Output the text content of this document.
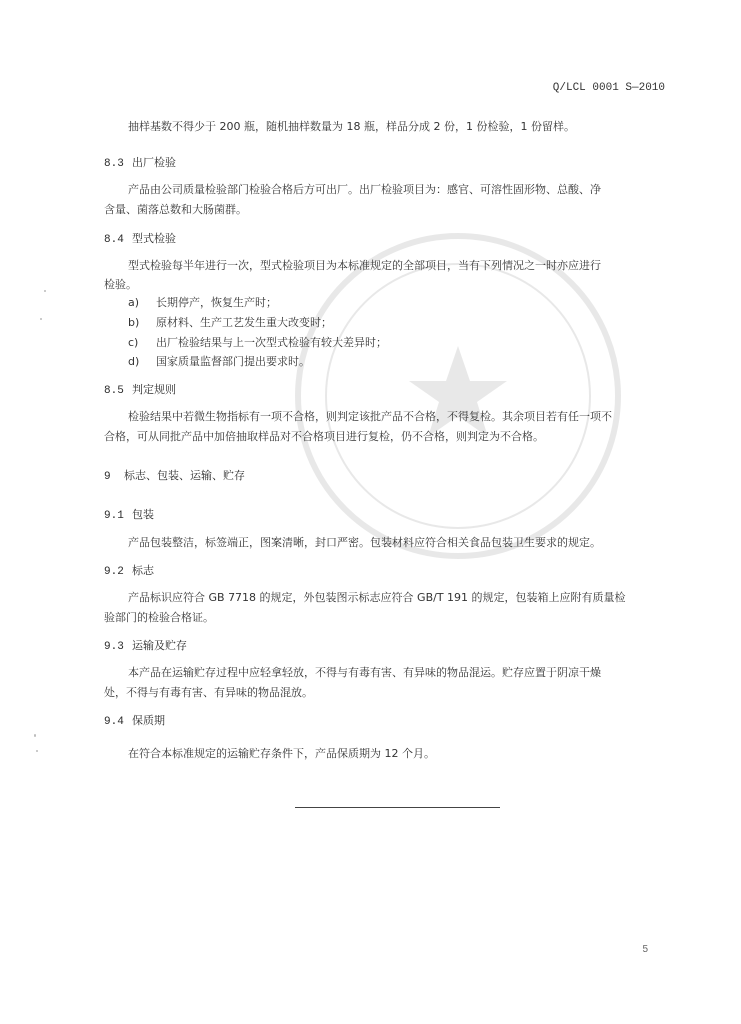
Q/LCL 0001 S—2010
抽样基数不得少于 200 瓶，随机抽样数量为 18 瓶，样品分成 2 份，1 份检验，1 份留样。
8.3 出厂检验
产品由公司质量检验部门检验合格后方可出厂。出厂检验项目为：感官、可溶性固形物、总酸、净
含量、菌落总数和大肠菌群。
8.4 型式检验
型式检验每半年进行一次，型式检验项目为本标准规定的全部项目，当有下列情况之一时亦应进行
检验。
a) 长期停产，恢复生产时；
b) 原材料、生产工艺发生重大改变时；
c) 出厂检验结果与上一次型式检验有较大差异时；
d) 国家质量监督部门提出要求时。
8.5 判定规则
检验结果中若微生物指标有一项不合格，则判定该批产品不合格，不得复检。其余项目若有任一项不
合格，可从同批产品中加倍抽取样品对不合格项目进行复检，仍不合格，则判定为不合格。
9 标志、包装、运输、贮存
9.1 包装
产品包装整洁，标签端正，图案清晰，封口严密。包装材料应符合相关食品包装卫生要求的规定。
9.2 标志
产品标识应符合 GB 7718 的规定，外包装图示标志应符合 GB/T 191 的规定，包装箱上应附有质量检
验部门的检验合格证。
9.3 运输及贮存
本产品在运输贮存过程中应轻拿轻放，不得与有毒有害、有异味的物品混运。贮存应置于阴凉干燥
处，不得与有毒有害、有异味的物品混放。
9.4 保质期
在符合本标准规定的运输贮存条件下，产品保质期为 12 个月。
5
